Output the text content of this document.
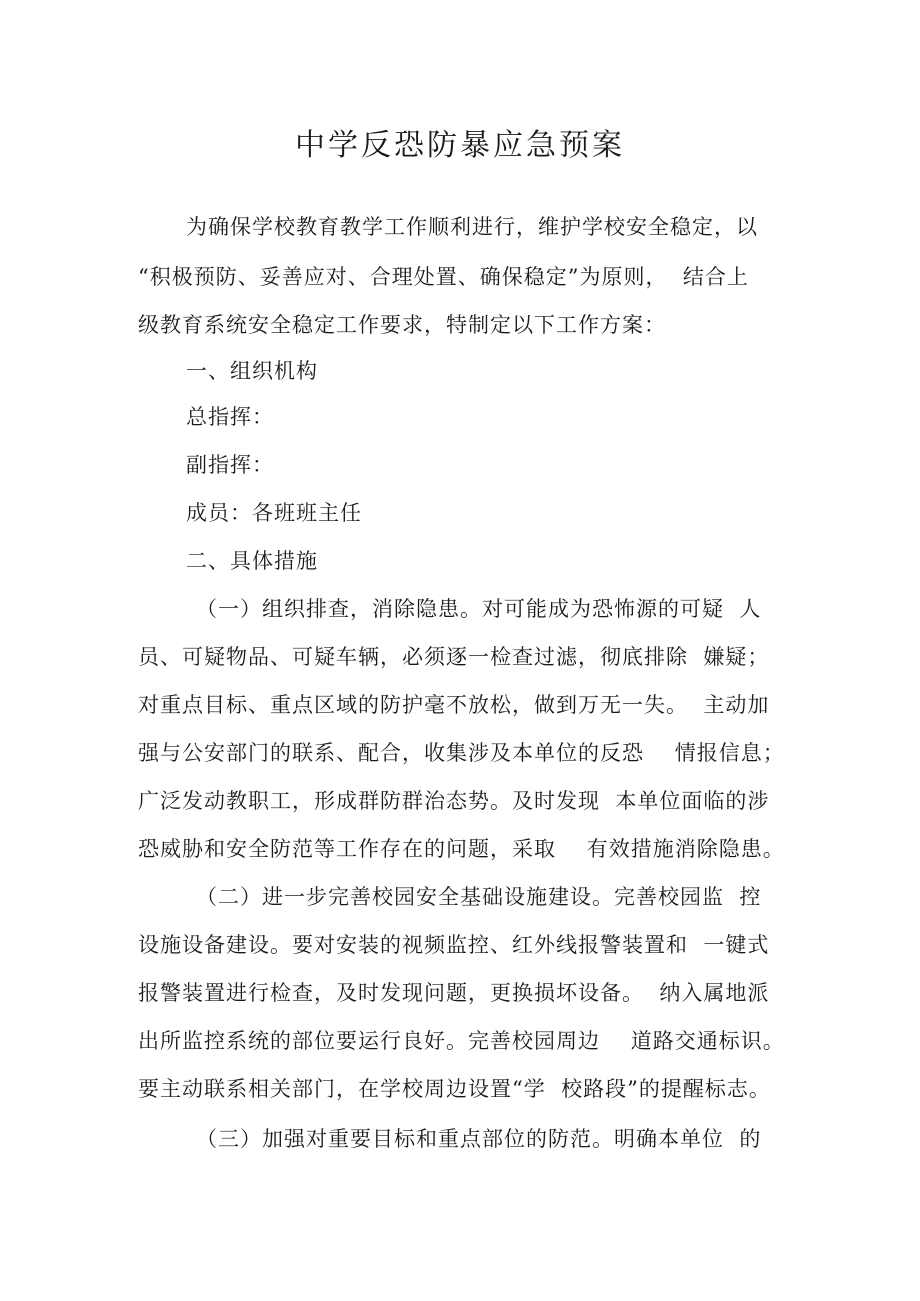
中学反恐防暴应急预案
为确保学校教育教学工作顺利进行，维护学校安全稳定，以
“积极预防、妥善应对、合理处置、确保稳定”为原则，  结合上
级教育系统安全稳定工作要求，特制定以下工作方案：
一、组织机构
总指挥：
副指挥：
成员：各班班主任
二、具体措施
（一）组织排查，消除隐患。对可能成为恐怖源的可疑  人
员、可疑物品、可疑车辆，必须逐一检查过滤，彻底排除  嫌疑；
对重点目标、重点区域的防护毫不放松，做到万无一失。  主动加
强与公安部门的联系、配合，收集涉及本单位的反恐    情报信息；
广泛发动教职工，形成群防群治态势。及时发现  本单位面临的涉
恐威胁和安全防范等工作存在的问题，采取    有效措施消除隐患。
（二）进一步完善校园安全基础设施建设。完善校园监  控
设施设备建设。要对安装的视频监控、红外线报警装置和  一键式
报警装置进行检查，及时发现问题，更换损坏设备。  纳入属地派
出所监控系统的部位要运行良好。完善校园周边    道路交通标识。
要主动联系相关部门，在学校周边设置“学  校路段”的提醒标志。
（三）加强对重要目标和重点部位的防范。明确本单位  的
